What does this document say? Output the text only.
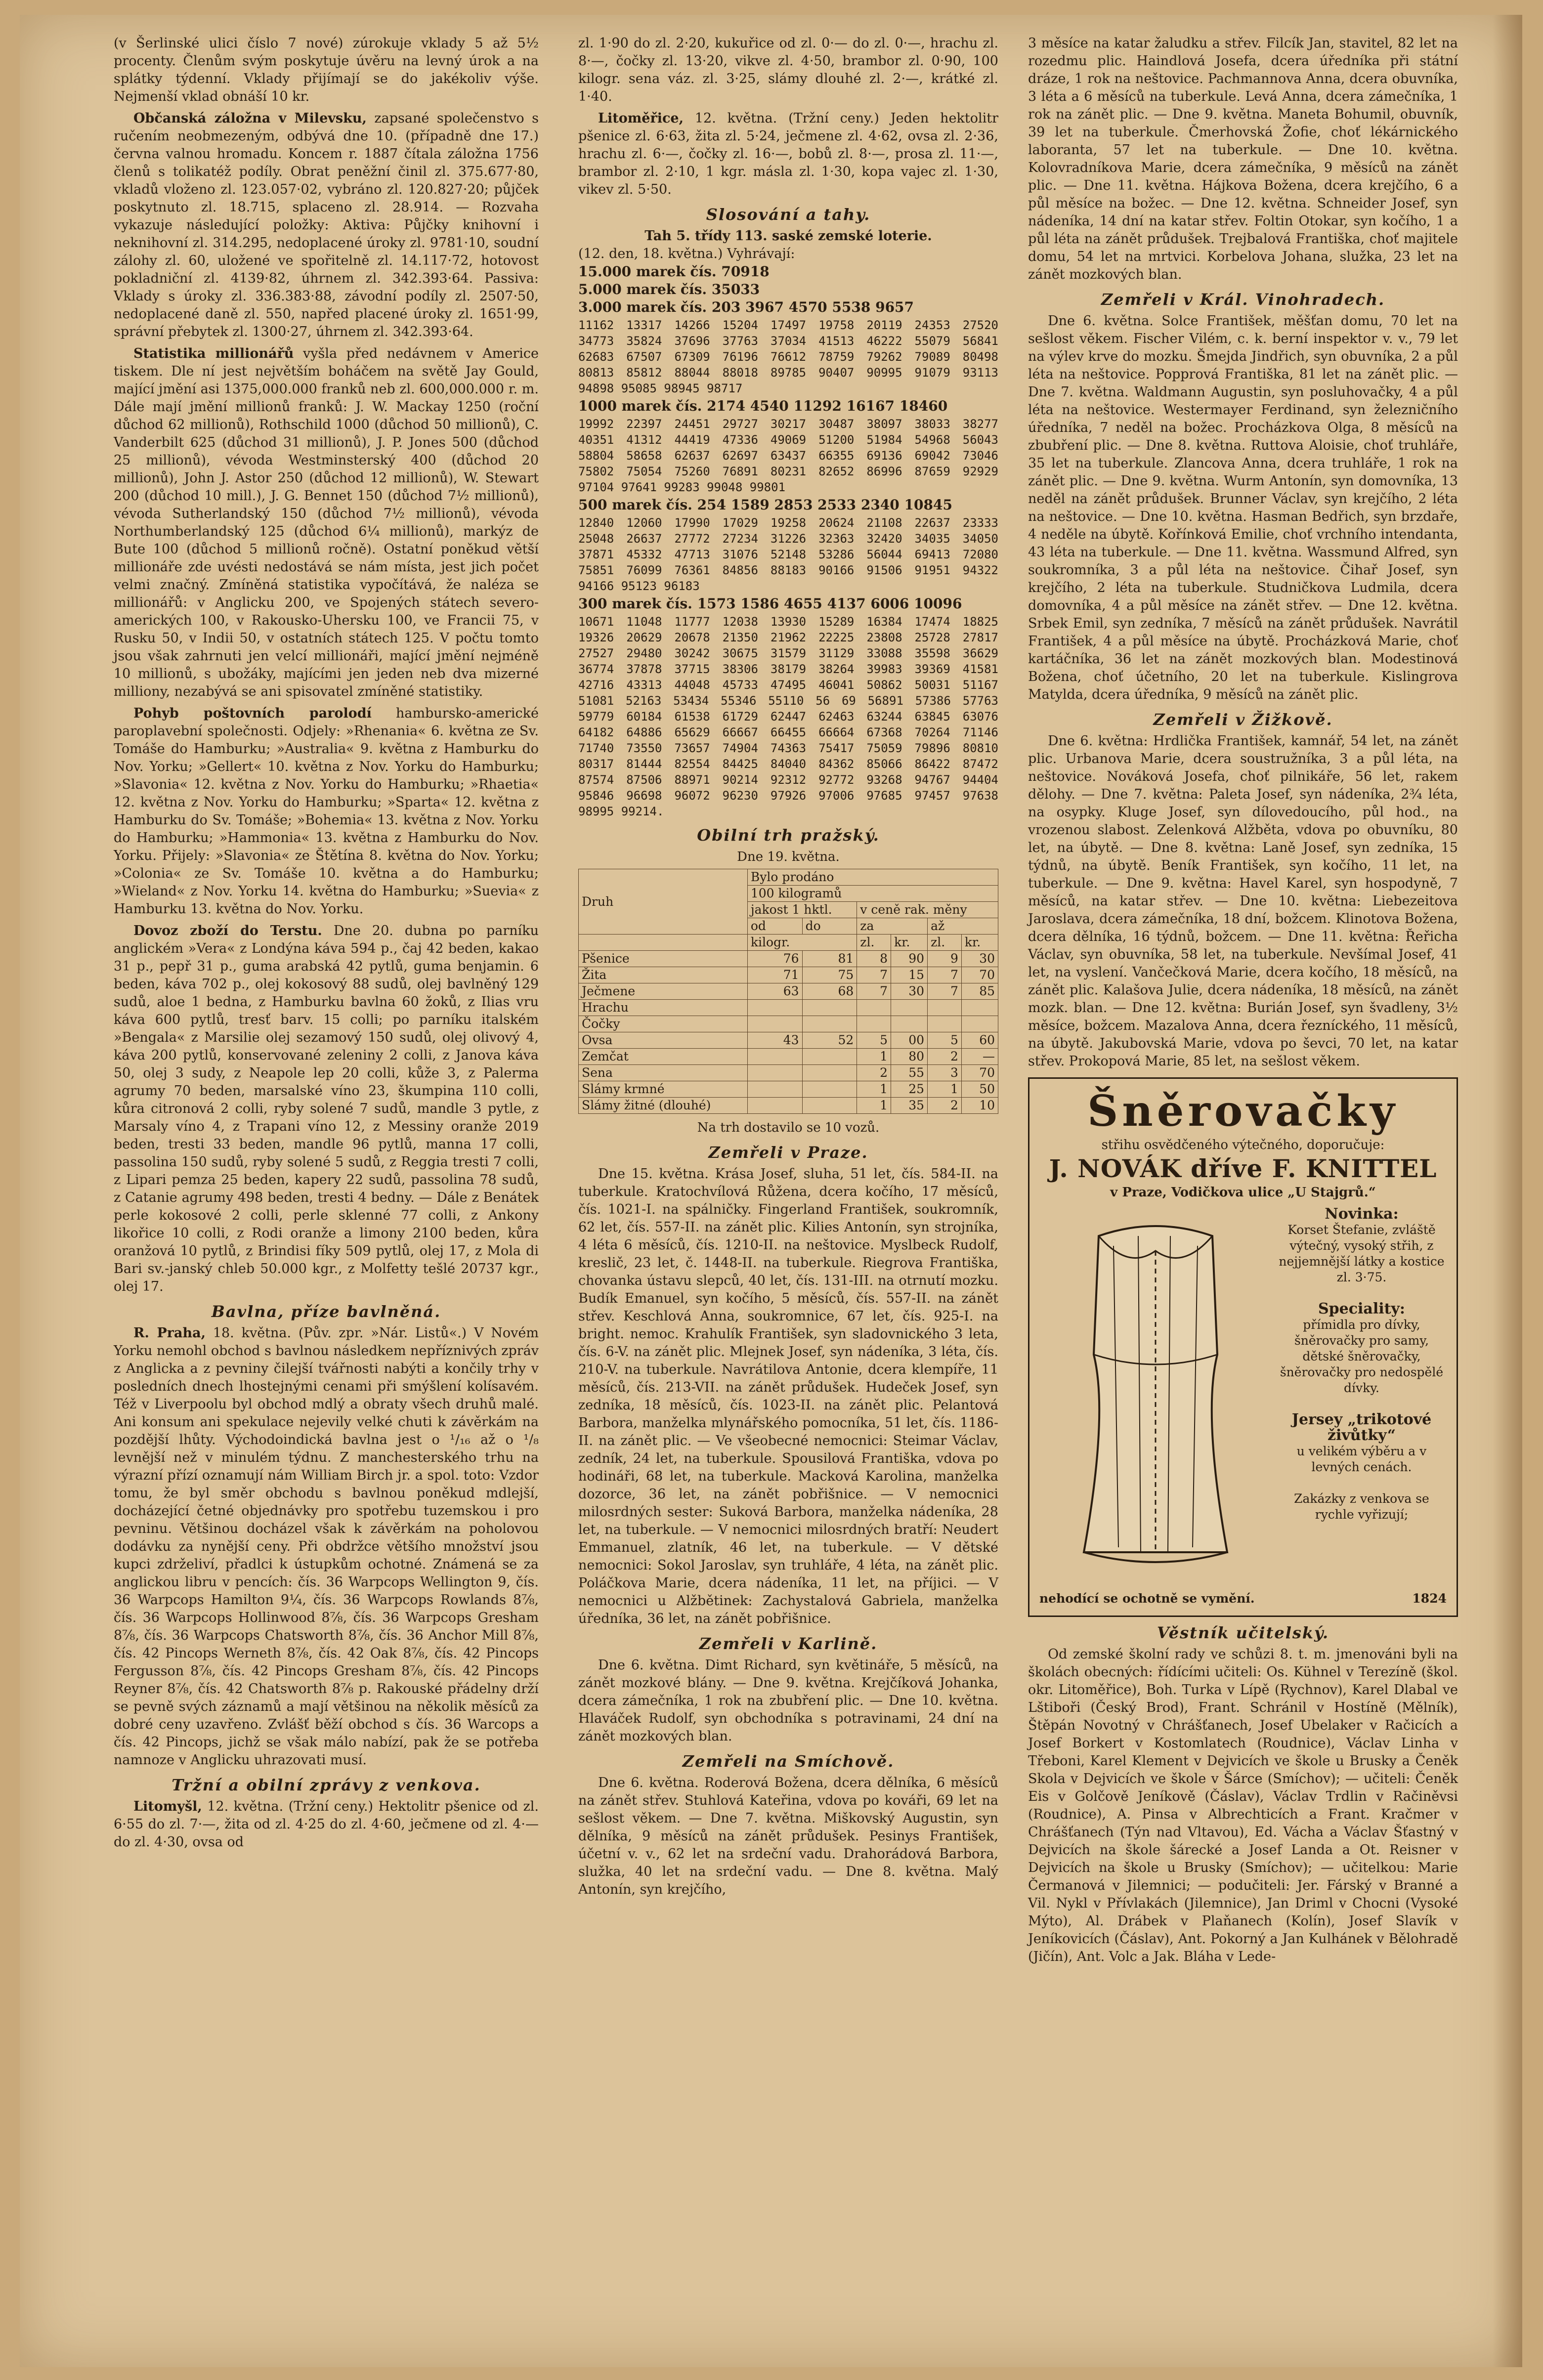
(v Šerlinské ulici číslo 7 nové) zúrokuje vklady 5 až 5½ procenty. Členům svým poskytuje úvěru na levný úrok a na splátky týdenní. Vklady přijímají se do jakékoliv výše. Nejmenší vklad obnáší 10 kr.

Občanská záložna v Milevsku, zapsané společenstvo s ručením neobmezeným, odbývá dne 10. (případně dne 17.) června valnou hromadu. Koncem r. 1887 čítala záložna 1756 členů s tolikatéž podíly. Obrat peněžní činil zl. 375.677·80, vkladů vloženo zl. 123.057·02, vybráno zl. 120.827·20; půjček poskytnuto zl. 18.715, splaceno zl. 28.914. — Rozvaha vykazuje následující položky: Aktiva: Půjčky knihovní i neknihovní zl. 314.295, nedoplacené úroky zl. 9781·10, soudní zálohy zl. 60, uložené ve spořitelně zl. 14.117·72, hotovost pokladniční zl. 4139·82, úhrnem zl. 342.393·64. Passiva: Vklady s úroky zl. 336.383·88, závodní podíly zl. 2507·50, nedoplacené daně zl. 550, napřed placené úroky zl. 1651·99, správní přebytek zl. 1300·27, úhrnem zl. 342.393·64.

Statistika millionářů vyšla před nedávnem v Americe tiskem. Dle ní jest největším boháčem na světě Jay Gould, mající jmění asi 1375,000.000 franků neb zl. 600,000.000 r. m. Dále mají jmění millionů franků: J. W. Mackay 1250 (roční důchod 62 millionů), Rothschild 1000 (důchod 50 millionů), C. Vanderbilt 625 (důchod 31 millionů), J. P. Jones 500 (důchod 25 millionů), vévoda Westminsterský 400 (důchod 20 millionů), John J. Astor 250 (důchod 12 millionů), W. Stewart 200 (důchod 10 mill.), J. G. Bennet 150 (důchod 7½ millionů), vévoda Sutherlandský 150 (důchod 7½ millionů), vévoda Northumberlandský 125 (důchod 6¼ millionů), markýz de Bute 100 (důchod 5 millionů ročně). Ostatní poněkud větší millionáře zde uvésti nedostává se nám místa, jest jich počet velmi značný. Zmíněná statistika vypočítává, že naléza se millionářů: v Anglicku 200, ve Spojených státech severo-amerických 100, v Rakousko-Uhersku 100, ve Francii 75, v Rusku 50, v Indii 50, v ostatních státech 125. V počtu tomto jsou však zahrnuti jen velcí millionáři, mající jmění nejméně 10 millionů, s ubožáky, majícími jen jeden neb dva mizerné milliony, nezabývá se ani spisovatel zmíněné statistiky.

Pohyb poštovních parolodí hambursko-americké paroplavební společnosti. Odjely: »Rhenania« 6. května ze Sv. Tomáše do Hamburku; »Australia« 9. května z Hamburku do Nov. Yorku; »Gellert« 10. května z Nov. Yorku do Hamburku; »Slavonia« 12. května z Nov. Yorku do Hamburku; »Rhaetia« 12. května z Nov. Yorku do Hamburku; »Sparta« 12. května z Hamburku do Sv. Tomáše; »Bohemia« 13. května z Nov. Yorku do Hamburku; »Hammonia« 13. května z Hamburku do Nov. Yorku. Přijely: »Slavonia« ze Štětína 8. května do Nov. Yorku; »Colonia« ze Sv. Tomáše 10. května a do Hamburku; »Wieland« z Nov. Yorku 14. května do Hamburku; »Suevia« z Hamburku 13. května do Nov. Yorku.

Dovoz zboží do Terstu. Dne 20. dubna po parníku anglickém »Vera« z Londýna káva 594 p., čaj 42 beden, kakao 31 p., pepř 31 p., guma arabská 42 pytlů, guma benjamin. 6 beden, káva 702 p., olej kokosový 88 sudů, olej bavlněný 129 sudů, aloe 1 bedna, z Hamburku bavlna 60 žoků, z Ilias vru káva 600 pytlů, tresť barv. 15 colli; po parníku italském »Bengala« z Marsilie olej sezamový 150 sudů, olej olivový 4, káva 200 pytlů, konservované zeleniny 2 colli, z Janova káva 50, olej 3 sudy, z Neapole lep 20 colli, kůže 3, z Palerma agrumy 70 beden, marsalské víno 23, škumpina 110 colli, kůra citronová 2 colli, ryby solené 7 sudů, mandle 3 pytle, z Marsaly víno 4, z Trapani víno 12, z Messiny oranže 2019 beden, tresti 33 beden, mandle 96 pytlů, manna 17 colli, passolina 150 sudů, ryby solené 5 sudů, z Reggia tresti 7 colli, z Lipari pemza 25 beden, kapery 22 sudů, passolina 78 sudů, z Catanie agrumy 498 beden, tresti 4 bedny. — Dále z Benátek perle kokosové 2 colli, perle sklenné 77 colli, z Ankony likořice 10 colli, z Rodi oranže a limony 2100 beden, kůra oranžová 10 pytlů, z Brindisi fíky 509 pytlů, olej 17, z Mola di Bari sv.-janský chleb 50.000 kgr., z Molfetty tešlé 20737 kgr., olej 17.

Bavlna, příze bavlněná.

R. Praha, 18. května. (Pův. zpr. »Nár. Listů«.) V Novém Yorku nemohl obchod s bavlnou následkem nepříznivých zpráv z Anglicka a z pevniny čilejší tvářnosti nabýti a končily trhy v posledních dnech lhostejnými cenami při smýšlení kolísavém. Též v Liverpoolu byl obchod mdlý a obraty všech druhů malé. Ani konsum ani spekulace nejevily velké chuti k závěrkám na pozdější lhůty. Východoindická bavlna jest o ¹/₁₆ až o ¹/₈ levnější než v minulém týdnu. Z manchesterského trhu na výrazní přízí oznamují nám William Birch jr. a spol. toto: Vzdor tomu, že byl směr obchodu s bavlnou poněkud mdlejší, docházející četné objednávky pro spotřebu tuzemskou i pro pevninu. Většinou docházel však k závěrkám na poholovou dodávku za nynější ceny. Při obdržce většího množství jsou kupci zdrželiví, přadlci k ústupkům ochotné. Známená se za anglickou libru v pencích: čís. 36 Warpcops Wellington 9, čís. 36 Warpcops Hamilton 9¼, čís. 36 Warpcops Rowlands 8⅞, čís. 36 Warpcops Hollinwood 8⅞, čís. 36 Warpcops Gresham 8⅞, čís. 36 Warpcops Chatsworth 8⅞, čís. 36 Anchor Mill 8⅞, čís. 42 Pincops Werneth 8⅞, čís. 42 Oak 8⅞, čís. 42 Pincops Fergusson 8⅞, čís. 42 Pincops Gresham 8⅞, čís. 42 Pincops Reyner 8⅞, čís. 42 Chatsworth 8⅞ p. Rakouské přádelny drží se pevně svých záznamů a mají většinou na několik měsíců za dobré ceny uzavřeno. Zvlášť běží obchod s čís. 36 Warcops a čís. 42 Pincops, jichž se však málo nabízí, pak že se potřeba namnoze v Anglicku uhrazovati musí.

Tržní a obilní zprávy z venkova.

Litomyšl, 12. května. (Tržní ceny.) Hektolitr pšenice od zl. 6·55 do zl. 7·—, žita od zl. 4·25 do zl. 4·60, ječmene od zl. 4·— do zl. 4·30, ovsa od

zl. 1·90 do zl. 2·20, kukuřice od zl. 0·— do zl. 0·—, hrachu zl. 8·—, čočky zl. 13·20, vikve zl. 4·50, brambor zl. 0·90, 100 kilogr. sena váz. zl. 3·25, slámy dlouhé zl. 2·—, krátké zl. 1·40.

Litoměřice, 12. května. (Tržní ceny.) Jeden hektolitr pšenice zl. 6·63, žita zl. 5·24, ječmene zl. 4·62, ovsa zl. 2·36, hrachu zl. 6·—, čočky zl. 16·—, bobů zl. 8·—, prosa zl. 11·—, brambor zl. 2·10, 1 kgr. másla zl. 1·30, kopa vajec zl. 1·30, vikev zl. 5·50.

Slosování a tahy.
Tah 5. třídy 113. saské zemské loterie.
(12. den, 18. května.) Vyhrávají:
15.000 marek čís. 70918
5.000 marek čís. 35033
3.000 marek čís. 203 3967 4570 5538 9657
11162 13317 14266 15204 17497 19758 20119 24353 27520 34773 35824 37696 37763 37034 41513 46222 55079 56841 62683 67507 67309 76196 76612 78759 79262 79089 80498 80813 85812 88044 88018 89785 90407 90995 91079 93113 94898 95085 98945 98717
1000 marek čís. 2174 4540 11292 16167 18460
19992 22397 24451 29727 30217 30487 38097 38033 38277 40351 41312 44419 47336 49069 51200 51984 54968 56043 58804 58658 62637 62697 63437 66355 69136 69042 73046 75802 75054 75260 76891 80231 82652 86996 87659 92929 97104 97641 99283 99048 99801
500 marek čís. 254 1589 2853 2533 2340 10845
12840 12060 17990 17029 19258 20624 21108 22637 23333 25048 26637 27772 27234 31226 32363 32420 34035 34050 37871 45332 47713 31076 52148 53286 56044 69413 72080 75851 76099 76361 84856 88183 90166 91506 91951 94322 94166 95123 96183
300 marek čís. 1573 1586 4655 4137 6006 10096
10671 11048 11777 12038 13930 15289 16384 17474 18825 19326 20629 20678 21350 21962 22225 23808 25728 27817 27527 29480 30242 30675 31579 31129 33088 35598 36629 36774 37878 37715 38306 38179 38264 39983 39369 41581 42716 43313 44048 45733 47495 46041 50862 50031 51167 51081 52163 53434 55346 55110 56 69 56891 57386 57763 59779 60184 61538 61729 62447 62463 63244 63845 63076 64182 64886 65629 66667 66455 66664 67368 70264 71146 71740 73550 73657 74904 74363 75417 75059 79896 80810 80317 81444 82554 84425 84040 84362 85066 86422 87472 87574 87506 88971 90214 92312 92772 93268 94767 94404 95846 96698 96072 96230 97926 97006 97685 97457 97638 98995 99214.
Obilní trh pražský.
Dne 19. května.
Druh	Bylo prodáno					
	100 kilogramů					
	jakost 1 hktl.		v ceně rak. měny			
	od	do	za		až	
	kilogr.		zl.	kr.	zl.	kr.
Pšenice	76	81	8	90	9	30
Žita	71	75	7	15	7	70
Ječmene	63	68	7	30	7	85
Hrachu						
Čočky						
Ovsa	43	52	5	00	5	60
Zemčat			1	80	2	—
Sena			2	55	3	70
Slámy krmné			1	25	1	50
Slámy žitné (dlouhé)			1	35	2	10
Na trh dostavilo se 10 vozů.
Zemřeli v Praze.

Dne 15. května. Krása Josef, sluha, 51 let, čís. 584-II. na tuberkule. Kratochvílová Růžena, dcera kočího, 17 měsíců, čís. 1021-I. na spálničky. Fingerland František, soukromník, 62 let, čís. 557-II. na zánět plic. Kilies Antonín, syn strojníka, 4 léta 6 měsíců, čís. 1210-II. na neštovice. Myslbeck Rudolf, kreslič, 23 let, č. 1448-II. na tuberkule. Riegrova Františka, chovanka ústavu slepců, 40 let, čís. 131-III. na otrnutí mozku. Budík Emanuel, syn kočího, 5 měsíců, čís. 557-II. na zánět střev. Keschlová Anna, soukromnice, 67 let, čís. 925-I. na bright. nemoc. Krahulík František, syn sladovnického 3 leta, čís. 6-V. na zánět plic. Mlejnek Josef, syn nádeníka, 3 léta, čís. 210-V. na tuberkule. Navrátilova Antonie, dcera klempíře, 11 měsíců, čís. 213-VII. na zánět průdušek. Hudeček Josef, syn zedníka, 18 měsíců, čís. 1023-II. na zánět plic. Pelantová Barbora, manželka mlynářského pomocníka, 51 let, čís. 1186-II. na zánět plic. — Ve všeobecné nemocnici: Steimar Václav, zedník, 24 let, na tuberkule. Spousilová Františka, vdova po hodináři, 68 let, na tuberkule. Macková Karolina, manželka dozorce, 36 let, na zánět pobřišnice. — V nemocnici milosrdných sester: Suková Barbora, manželka nádeníka, 28 let, na tuberkule. — V nemocnici milosrdných bratří: Neudert Emmanuel, zlatník, 46 let, na tuberkule. — V dětské nemocnici: Sokol Jaroslav, syn truhláře, 4 léta, na zánět plic. Poláčkova Marie, dcera nádeníka, 11 let, na příjici. — V nemocnici u Alžbětinek: Zachystalová Gabriela, manželka úředníka, 36 let, na zánět pobřišnice.

Zemřeli v Karlině.

Dne 6. května. Dimt Richard, syn květináře, 5 měsíců, na zánět mozkové blány. — Dne 9. května. Krejčíková Johanka, dcera zámečníka, 1 rok na zbubření plic. — Dne 10. května. Hlaváček Rudolf, syn obchodníka s potravinami, 24 dní na zánět mozkových blan.

Zemřeli na Smíchově.

Dne 6. května. Roderová Božena, dcera dělníka, 6 měsíců na zánět střev. Stuhlová Kateřina, vdova po kováři, 69 let na sešlost věkem. — Dne 7. května. Miškovský Augustin, syn dělníka, 9 měsíců na zánět průdušek. Pesinys František, účetní v. v., 62 let na srdeční vadu. Drahorádová Barbora, služka, 40 let na srdeční vadu. — Dne 8. května. Malý Antonín, syn krejčího,

3 měsíce na katar žaludku a střev. Filcík Jan, stavitel, 82 let na rozedmu plic. Haindlová Josefa, dcera úředníka při státní dráze, 1 rok na neštovice. Pachmannova Anna, dcera obuvníka, 3 léta a 6 měsíců na tuberkule. Levá Anna, dcera zámečníka, 1 rok na zánět plic. — Dne 9. května. Maneta Bohumil, obuvník, 39 let na tuberkule. Čmerhovská Žofie, choť lékárnického laboranta, 57 let na tuberkule. — Dne 10. května. Kolovradníkova Marie, dcera zámečníka, 9 měsíců na zánět plic. — Dne 11. května. Hájkova Božena, dcera krejčího, 6 a půl měsíce na božec. — Dne 12. května. Schneider Josef, syn nádeníka, 14 dní na katar střev. Foltin Otokar, syn kočího, 1 a půl léta na zánět průdušek. Trejbalová Františka, choť majitele domu, 54 let na mrtvici. Korbelova Johana, služka, 23 let na zánět mozkových blan.

Zemřeli v Král. Vinohradech.

Dne 6. května. Solce František, měšťan domu, 70 let na sešlost věkem. Fischer Vilém, c. k. berní inspektor v. v., 79 let na výlev krve do mozku. Šmejda Jindřich, syn obuvníka, 2 a půl léta na neštovice. Popprová Františka, 81 let na zánět plic. — Dne 7. května. Waldmann Augustin, syn posluhovačky, 4 a půl léta na neštovice. Westermayer Ferdinand, syn železničního úředníka, 7 neděl na božec. Procházkova Olga, 8 měsíců na zbubření plic. — Dne 8. května. Ruttova Aloisie, choť truhláře, 35 let na tuberkule. Zlancova Anna, dcera truhláře, 1 rok na zánět plic. — Dne 9. května. Wurm Antonín, syn domovníka, 13 neděl na zánět průdušek. Brunner Václav, syn krejčího, 2 léta na neštovice. — Dne 10. května. Hasman Bedřich, syn brzdaře, 4 neděle na úbytě. Kořínková Emilie, choť vrchního intendanta, 43 léta na tuberkule. — Dne 11. května. Wassmund Alfred, syn soukromníka, 3 a půl léta na neštovice. Čihař Josef, syn krejčího, 2 léta na tuberkule. Studničkova Ludmila, dcera domovníka, 4 a půl měsíce na zánět střev. — Dne 12. května. Srbek Emil, syn zedníka, 7 měsíců na zánět průdušek. Navrátil František, 4 a půl měsíce na úbytě. Procházková Marie, choť kartáčníka, 36 let na zánět mozkových blan. Modestinová Božena, choť účetního, 20 let na tuberkule. Kislingrova Matylda, dcera úředníka, 9 měsíců na zánět plic.

Zemřeli v Žižkově.

Dne 6. května: Hrdlička František, kamnář, 54 let, na zánět plic. Urbanova Marie, dcera soustružníka, 3 a půl léta, na neštovice. Nováková Josefa, choť pilnikáře, 56 let, rakem dělohy. — Dne 7. května: Paleta Josef, syn nádeníka, 2¾ léta, na osypky. Kluge Josef, syn dílovedoucího, půl hod., na vrozenou slabost. Zelenková Alžběta, vdova po obuvníku, 80 let, na úbytě. — Dne 8. května: Laně Josef, syn zedníka, 15 týdnů, na úbytě. Beník František, syn kočího, 11 let, na tuberkule. — Dne 9. května: Havel Karel, syn hospodyně, 7 měsíců, na katar střev. — Dne 10. května: Liebezeitova Jaroslava, dcera zámečníka, 18 dní, božcem. Klinotova Božena, dcera dělníka, 16 týdnů, božcem. — Dne 11. května: Řeřicha Václav, syn obuvníka, 58 let, na tuberkule. Nevšímal Josef, 41 let, na vyslení. Vančečková Marie, dcera kočího, 18 měsíců, na zánět plic. Kalašova Julie, dcera nádeníka, 18 měsíců, na zánět mozk. blan. — Dne 12. května: Burián Josef, syn švadleny, 3½ měsíce, božcem. Mazalova Anna, dcera řezníckého, 11 měsíců, na úbytě. Jakubovská Marie, vdova po ševci, 70 let, na katar střev. Prokopová Marie, 85 let, na sešlost věkem.

Šněrovačky
střihu osvědčeného výtečného, doporučuje:
J. NOVÁK dříve F. KNITTEL
v Praze, Vodičkova ulice „U Stajgrů.“
Novinka:
Korset Štefanie, zvláště výtečný, vysoký střih, z nejjemnější látky a kostice zl. 3·75.

Speciality:
přímidla pro dívky, šněrovačky pro samy, dětské šněrovačky, šněrovačky pro nedospělé dívky.

Jersey „trikotové živůtky“
u velikém výběru a v levných cenách.

Zakázky z venkova se rychle vyřizují;
nehodící se ochotně se vymění.	1824
Věstník učitelský.

Od zemské školní rady ve schůzi 8. t. m. jmenováni byli na školách obecných: řídícími učiteli: Os. Kühnel v Terezíně (škol. okr. Litoměřice), Boh. Turka v Lípě (Rychnov), Karel Dlabal ve Lštiboři (Český Brod), Frant. Schránil v Hostíně (Mělník), Štěpán Novotný v Chrášťanech, Josef Ubelaker v Račicích a Josef Borkert v Kostomlatech (Roudnice), Václav Linha v Třeboni, Karel Klement v Dejvicích ve škole u Brusky a Čeněk Skola v Dejvicích ve škole v Šárce (Smíchov); — učiteli: Čeněk Eis v Golčově Jeníkově (Čáslav), Václav Trdlin v Račiněvsi (Roudnice), A. Pinsa v Albrechticích a Frant. Kračmer v Chrášťanech (Týn nad Vltavou), Ed. Vácha a Václav Šťastný v Dejvicích na škole šárecké a Josef Landa a Ot. Reisner v Dejvicích na škole u Brusky (Smíchov); — učitelkou: Marie Čermanová v Jilemnici; — podučiteli: Jer. Fárský v Branné a Vil. Nykl v Přívlakách (Jilemnice), Jan Driml v Chocni (Vysoké Mýto), Al. Drábek v Plaňanech (Kolín), Josef Slavík v Jeníkovicích (Čáslav), Ant. Pokorný a Jan Kulhánek v Bělohradě (Jičín), Ant. Volc a Jak. Bláha v Lede-
